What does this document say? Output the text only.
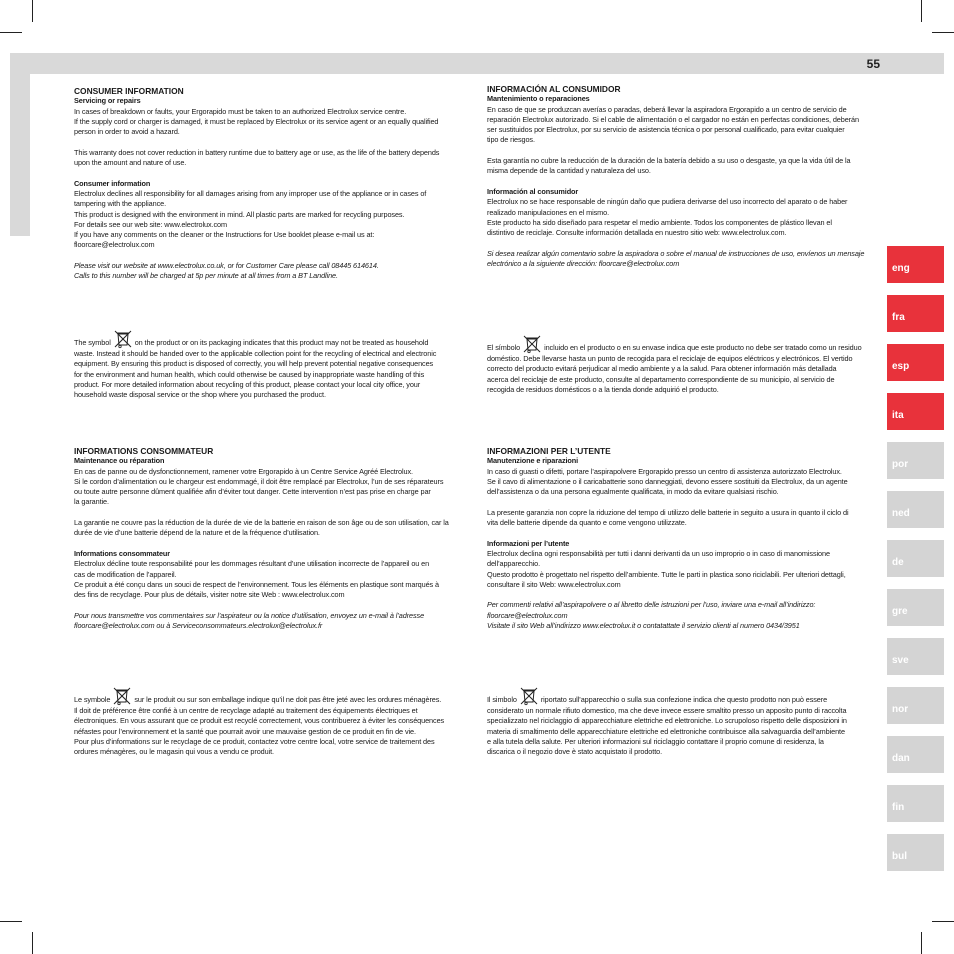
55

CONSUMER INFORMATION

Servicing or repairs

In cases of breakdown or faults, your Ergorapido must be taken to an authorized Electrolux service centre.

If the supply cord or charger is damaged, it must be replaced by Electrolux or its service agent or an equally qualified

person in order to avoid a hazard.

This warranty does not cover reduction in battery runtime due to battery age or use, as the life of the battery depends

upon the amount and nature of use.

Consumer information

Electrolux declines all responsibility for all damages arising from any improper use of the appliance or in cases of

tampering with the appliance.

This product is designed with the environment in mind. All plastic parts are marked for recycling purposes.

For details see our web site: www.electrolux.com

If you have any comments on the cleaner or the Instructions for Use booklet please e-mail us at:

floorcare@electrolux.com

Please visit our website at www.electrolux.co.uk, or for Customer Care please call 08445 614614.

Calls to this number will be charged at 5p per minute at all times from a BT Landline.

The symbol	on the product or on its packaging indicates that this product may not be treated as household

waste. Instead it should be handed over to the applicable collection point for the recycling of electrical and electronic

equipment. By ensuring this product is disposed of correctly, you will help prevent potential negative consequences

for the environment and human health, which could otherwise be caused by inappropriate waste handling of this

product. For more detailed information about recycling of this product, please contact your local city office, your

household waste disposal service or the shop where you purchased the product.

INFORMACIÓN AL CONSUMIDOR

Mantenimiento o reparaciones

En caso de que se produzcan averías o paradas, deberá llevar la aspiradora Ergorapido a un centro de servicio de

reparación Electrolux autorizado. Si el cable de alimentación o el cargador no están en perfectas condiciones, deberán

ser sustituidos por Electrolux, por su servicio de asistencia técnica o por personal cualificado, para evitar cualquier

tipo de riesgos.

Esta garantía no cubre la reducción de la duración de la batería debido a su uso o desgaste, ya que la vida útil de la

misma depende de la cantidad y naturaleza del uso.

Información al consumidor

Electrolux no se hace responsable de ningún daño que pudiera derivarse del uso incorrecto del aparato o de haber

realizado manipulaciones en el mismo.

Este producto ha sido diseñado para respetar el medio ambiente. Todos los componentes de plástico llevan el

distintivo de reciclaje. Consulte información detallada en nuestro sitio web: www.electrolux.com.

Si desea realizar algún comentario sobre la aspiradora o sobre el manual de instrucciones de uso, envíenos un mensaje

electrónico a la siguiente dirección: floorcare@electrolux.com

El símbolo	incluido en el producto o en su envase indica que este producto no debe ser tratado como un residuo

doméstico. Debe llevarse hasta un punto de recogida para el reciclaje de equipos eléctricos y electrónicos. El vertido

correcto del producto evitará perjudicar al medio ambiente y a la salud. Para obtener información más detallada

acerca del reciclaje de este producto, consulte al departamento correspondiente de su municipio, al servicio de

recogida de residuos domésticos o a la tienda donde adquirió el producto.

INFORMATIONS CONSOMMATEUR

Maintenance ou réparation

En cas de panne ou de dysfonctionnement, ramener votre Ergorapido à un Centre Service Agréé Electrolux.

Si le cordon d’alimentation ou le chargeur est endommagé, il doit être remplacé par Electrolux, l’un de ses réparateurs

ou toute autre personne dûment qualifiée afin d’éviter tout danger. Cette intervention n’est pas prise en charge par

la garantie.

La garantie ne couvre pas la réduction de la durée de vie de la batterie en raison de son âge ou de son utilisation, car la

durée de vie d’une batterie dépend de la nature et de la fréquence d’utilisation.

Informations consommateur

Electrolux décline toute responsabilité pour les dommages résultant d’une utilisation incorrecte de l’appareil ou en

cas de modification de l’appareil.

Ce produit a été conçu dans un souci de respect de l’environnement. Tous les éléments en plastique sont marqués à

des fins de recyclage. Pour plus de détails, visiter notre site Web : www.electrolux.com

Pour nous transmettre vos commentaires sur l’aspirateur ou la notice d’utilisation, envoyez un e-mail à l’adresse

floorcare@electrolux.com ou à Serviceconsommateurs.electrolux@electrolux.fr

Le symbole	sur le produit ou sur son emballage indique qu’il ne doit pas être jeté avec les ordures ménagères.

Il doit de préférence être confié à un centre de recyclage adapté au traitement des équipements électriques et

électroniques. En vous assurant que ce produit est recyclé correctement, vous contribuerez à éviter les conséquences

néfastes pour l’environnement et la santé que pourrait avoir une mauvaise gestion de ce produit en fin de vie.

Pour plus d’informations sur le recyclage de ce produit, contactez votre centre local, votre service de traitement des

ordures ménagères, ou le magasin qui vous a vendu ce produit.

INFORMAZIONI PER L’UTENTE

Manutenzione e riparazioni

In caso di guasti o difetti, portare l’aspirapolvere Ergorapido presso un centro di assistenza autorizzato Electrolux.

Se il cavo di alimentazione o il caricabatterie sono danneggiati, devono essere sostituiti da Electrolux, da un agente

dell’assistenza o da una persona egualmente qualificata, in modo da evitare qualsiasi rischio.

La presente garanzia non copre la riduzione del tempo di utilizzo delle batterie in seguito a usura in quanto il ciclo di

vita delle batterie dipende da quanto e come vengono utilizzate.

Informazioni per l’utente

Electrolux declina ogni responsabilità per tutti i danni derivanti da un uso improprio o in caso di manomissione

dell’apparecchio.

Questo prodotto è progettato nel rispetto dell’ambiente. Tutte le parti in plastica sono riciclabili. Per ulteriori dettagli,

consultare il sito Web: www.electrolux.com

Per commenti relativi all’aspirapolvere o al libretto delle istruzioni per l’uso, inviare una e-mail all’indirizzo:

floorcare@electrolux.com

Visitate il sito Web all’indirizzo www.electrolux.it o contatattate il servizio clienti al numero 0434/3951

Il simbolo	riportato sull’apparecchio o sulla sua confezione indica che questo prodotto non può essere

considerato un normale rifiuto domestico, ma che deve invece essere smaltito presso un apposito punto di raccolta

specializzato nel riciclaggio di apparecchiature elettriche ed elettroniche. Lo scrupoloso rispetto delle disposizioni in

materia di smaltimento delle apparecchiature elettriche ed elettroniche contribuisce alla salvaguardia dell’ambiente

e alla tutela della salute. Per ulteriori informazioni sul riciclaggio contattare il proprio comune di residenza, la

discarica o il negozio dove è stato acquistato il prodotto.

eng
fra
esp
ita
por
ned
de
gre
sve
nor
dan
fin
bul
